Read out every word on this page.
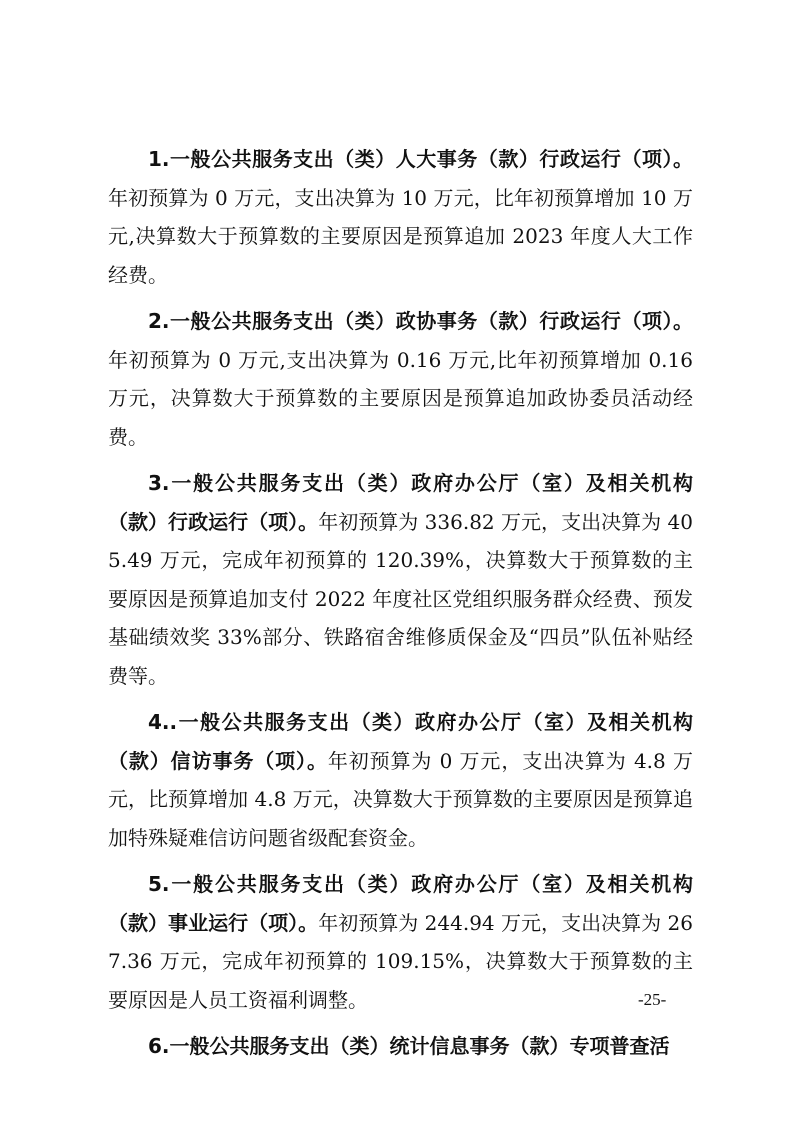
1.一般公共服务支出（类）人大事务（款）行政运行（项）。年初预算为 0 万元，支出决算为 10 万元，比年初预算增加 10 万元,决算数大于预算数的主要原因是预算追加 2023 年度人大工作经费。

2.一般公共服务支出（类）政协事务（款）行政运行（项）。年初预算为 0 万元,支出决算为 0.16 万元,比年初预算增加 0.16 万元，决算数大于预算数的主要原因是预算追加政协委员活动经费。

3.一般公共服务支出（类）政府办公厅（室）及相关机构（款）行政运行（项）。年初预算为 336.82 万元，支出决算为 405.49 万元，完成年初预算的 120.39%，决算数大于预算数的主要原因是预算追加支付 2022 年度社区党组织服务群众经费、预发基础绩效奖 33%部分、铁路宿舍维修质保金及“四员”队伍补贴经费等。

4..一般公共服务支出（类）政府办公厅（室）及相关机构（款）信访事务（项）。年初预算为 0 万元，支出决算为 4.8 万元，比预算增加 4.8 万元，决算数大于预算数的主要原因是预算追加特殊疑难信访问题省级配套资金。

5.一般公共服务支出（类）政府办公厅（室）及相关机构（款）事业运行（项）。年初预算为 244.94 万元，支出决算为 267.36 万元，完成年初预算的 109.15%，决算数大于预算数的主要原因是人员工资福利调整。

6.一般公共服务支出（类）统计信息事务（款）专项普查活

-25-
